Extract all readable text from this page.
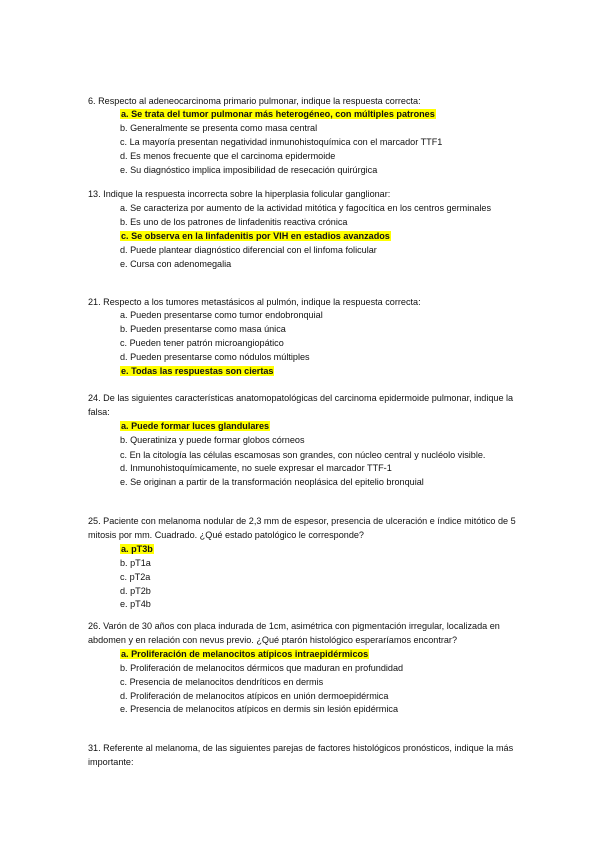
6. Respecto al adeneocarcinoma primario pulmonar, indique la respuesta correcta:
a. Se trata del tumor pulmonar más heterogéneo, con múltiples patrones
b. Generalmente se presenta como masa central
c. La mayoría presentan negatividad inmunohistoquímica con el marcador TTF1
d. Es menos frecuente que el carcinoma epidermoide
e. Su diagnóstico implica imposibilidad de resecación quirúrgica
13. Indique la respuesta incorrecta sobre la hiperplasia folicular ganglionar:
a. Se caracteriza por aumento de la actividad mitótica y fagocítica en los centros germinales
b. Es uno de los patrones de linfadenitis reactiva crónica
c. Se observa en la linfadenitis por VIH en estadios avanzados
d. Puede plantear diagnóstico diferencial con el linfoma folicular
e. Cursa con adenomegalia
21. Respecto a los tumores metastásicos al pulmón, indique la respuesta correcta:
a. Pueden presentarse como tumor endobronquial
b. Pueden presentarse como masa única
c. Pueden tener patrón microangiopático
d. Pueden presentarse como nódulos múltiples
e. Todas las respuestas son ciertas
24. De las siguientes características anatomopatológicas del carcinoma epidermoide pulmonar, indique la falsa:
a. Puede formar luces glandulares
b. Queratiniza y puede formar globos córneos
c. En la citología las células escamosas son grandes, con núcleo central y nucléolo visible.
d. Inmunohistoquímicamente, no suele expresar el marcador TTF-1
e. Se originan a partir de la transformación neoplásica del epitelio bronquial
25. Paciente con melanoma nodular de 2,3 mm de espesor, presencia de ulceración e índice mitótico de 5 mitosis por mm. Cuadrado. ¿Qué estado patológico le corresponde?
a. pT3b
b. pT1a
c. pT2a
d. pT2b
e. pT4b
26. Varón de 30 años con placa indurada de 1cm, asimétrica con pigmentación irregular, localizada en abdomen y en relación con nevus previo. ¿Qué ptarón histológico esperaríamos encontrar?
a. Proliferación de melanocitos atípicos intraepidérmicos
b. Proliferación de melanocitos dérmicos que maduran en profundidad
c. Presencia de melanocitos dendríticos en dermis
d. Proliferación de melanocitos atípicos en unión dermoepidérmica
e. Presencia de melanocitos atípicos en dermis sin lesión epidérmica
31. Referente al melanoma, de las siguientes parejas de factores histológicos pronósticos, indique la más importante:
